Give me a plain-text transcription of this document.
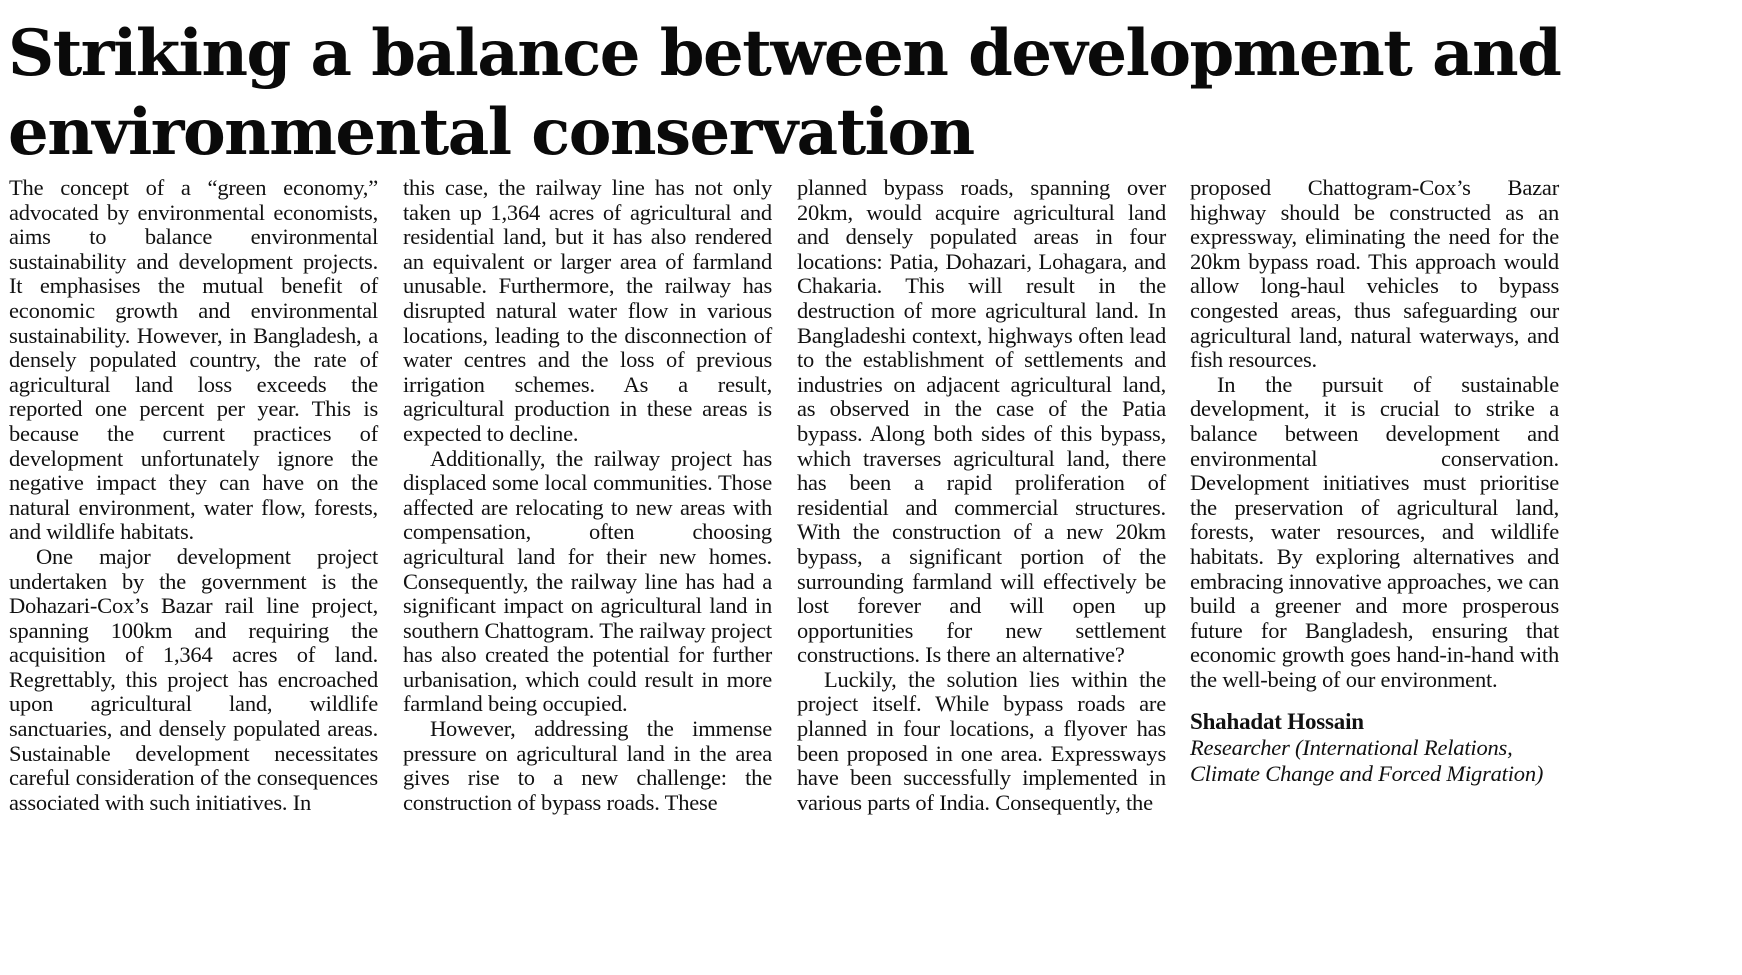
Striking a balance between development and environmental conservation

The concept of a “green economy,” advocated by environmental economists, aims to balance environmental sustainability and development projects. It emphasises the mutual benefit of economic growth and environmental sustainability. However, in Bangladesh, a densely populated country, the rate of agricultural land loss exceeds the reported one percent per year. This is because the current practices of development unfortunately ignore the negative impact they can have on the natural environment, water flow, forests, and wildlife habitats.

One major development project undertaken by the government is the Dohazari-Cox’s Bazar rail line project, spanning 100km and requiring the acquisition of 1,364 acres of land. Regrettably, this project has encroached upon agricultural land, wildlife sanctuaries, and densely populated areas. Sustainable development necessitates careful consideration of the consequences associated with such initiatives. In

this case, the railway line has not only taken up 1,364 acres of agricultural and residential land, but it has also rendered an equivalent or larger area of farmland unusable. Furthermore, the railway has disrupted natural water flow in various locations, leading to the disconnection of water centres and the loss of previous irrigation schemes. As a result, agricultural production in these areas is expected to decline.

Additionally, the railway project has displaced some local communities. Those affected are relocating to new areas with compensation, often choosing agricultural land for their new homes. Consequently, the railway line has had a significant impact on agricultural land in southern Chattogram. The railway project has also created the potential for further urbanisation, which could result in more farmland being occupied.

However, addressing the immense pressure on agricultural land in the area gives rise to a new challenge: the construction of bypass roads. These

planned bypass roads, spanning over 20km, would acquire agricultural land and densely populated areas in four locations: Patia, Dohazari, Lohagara, and Chakaria. This will result in the destruction of more agricultural land. In Bangladeshi context, highways often lead to the establishment of settlements and industries on adjacent agricultural land, as observed in the case of the Patia bypass. Along both sides of this bypass, which traverses agricultural land, there has been a rapid proliferation of residential and commercial structures. With the construction of a new 20km bypass, a significant portion of the surrounding farmland will effectively be lost forever and will open up opportunities for new settlement constructions. Is there an alternative?

Luckily, the solution lies within the project itself. While bypass roads are planned in four locations, a flyover has been proposed in one area. Expressways have been successfully implemented in various parts of India. Consequently, the

proposed Chattogram-Cox’s Bazar highway should be constructed as an expressway, eliminating the need for the 20km bypass road. This approach would allow long-haul vehicles to bypass congested areas, thus safeguarding our agricultural land, natural waterways, and fish resources.

In the pursuit of sustainable development, it is crucial to strike a balance between development and environmental conservation. Development initiatives must prioritise the preservation of agricultural land, forests, water resources, and wildlife habitats. By exploring alternatives and embracing innovative approaches, we can build a greener and more prosperous future for Bangladesh, ensuring that economic growth goes hand-in-hand with the well-being of our environment.

Shahadat Hossain
Researcher (International Relations, Climate Change and Forced Migration)
